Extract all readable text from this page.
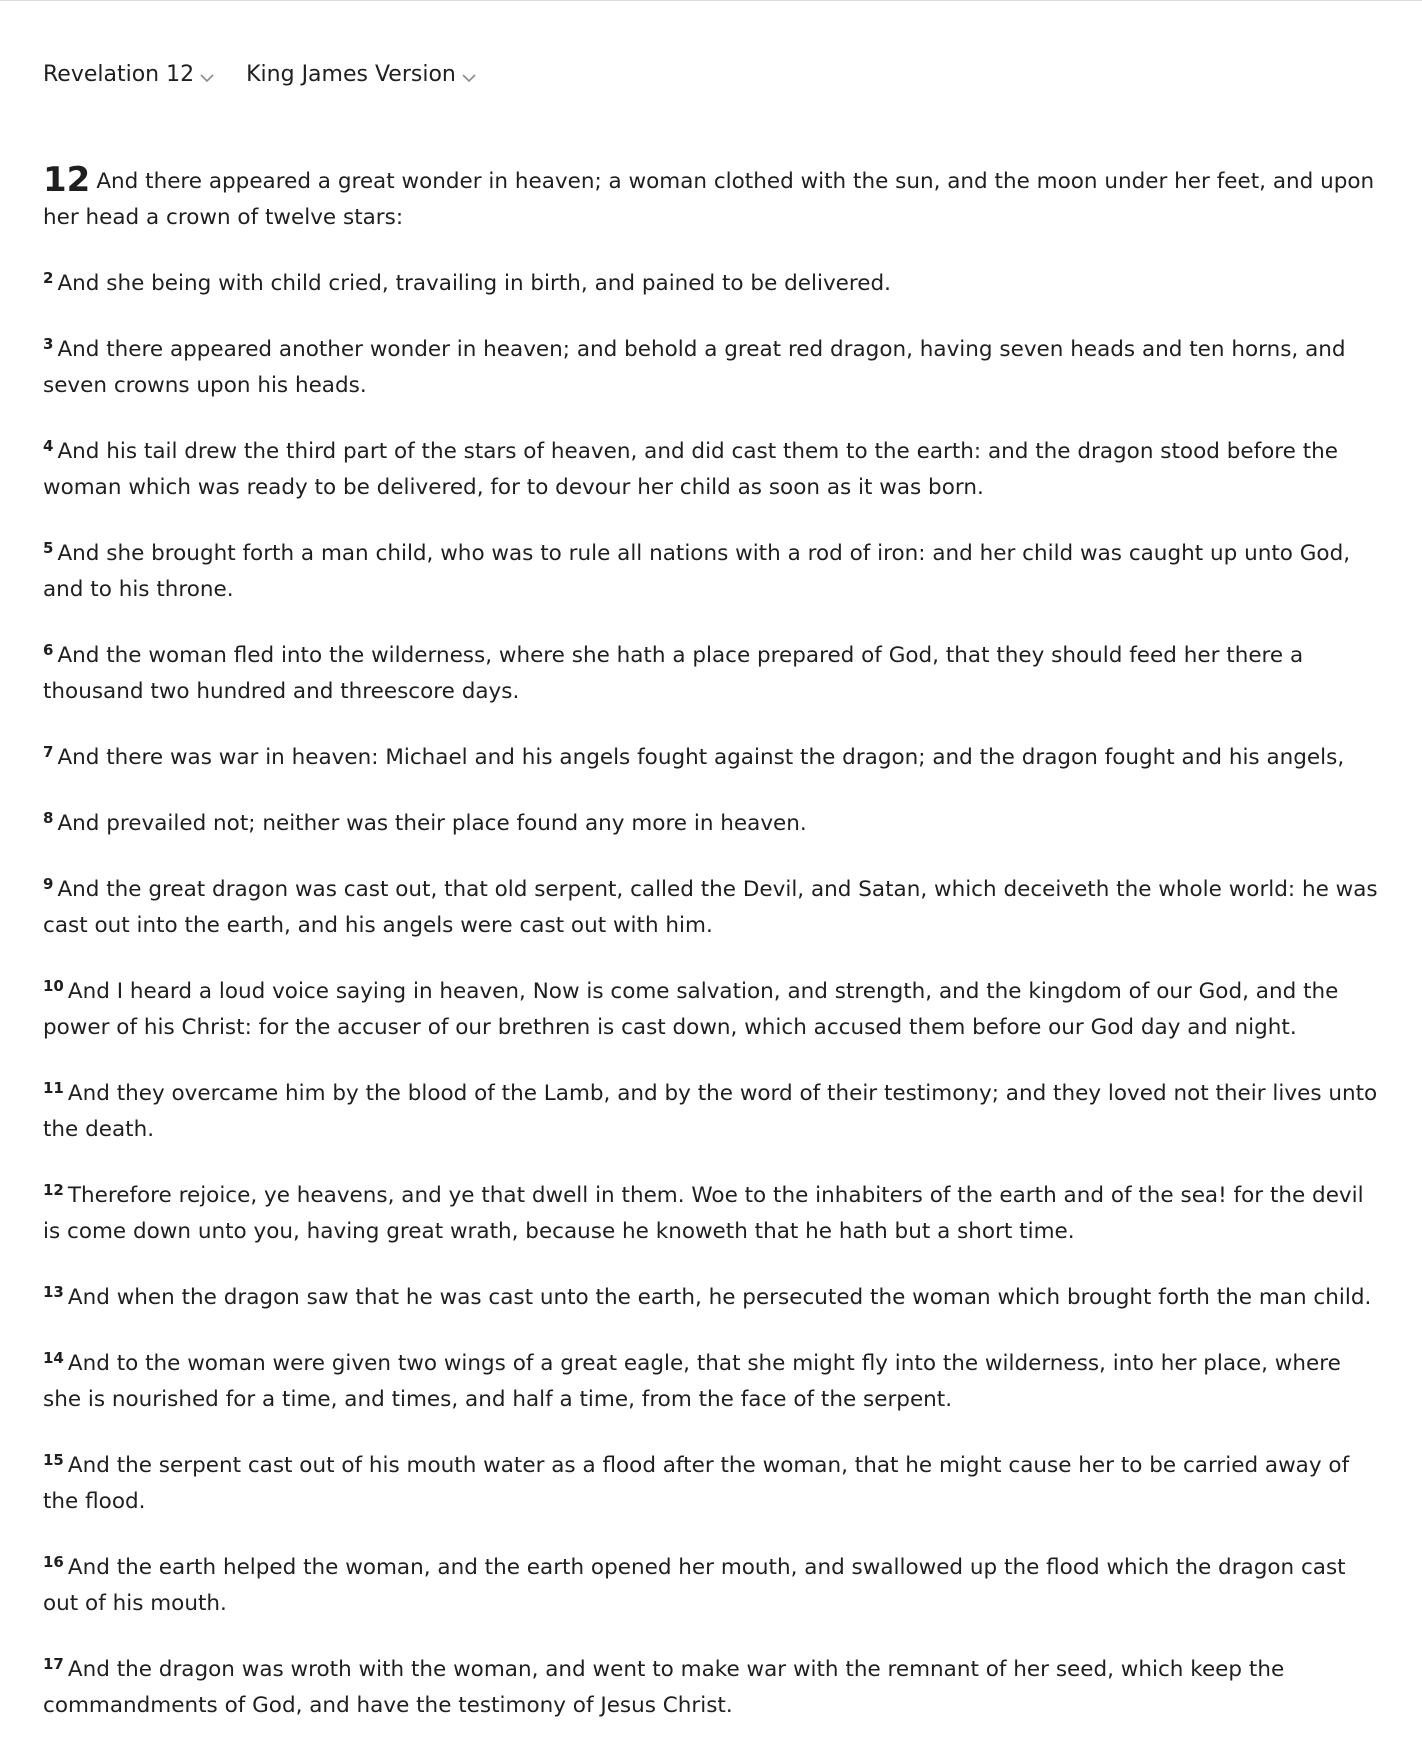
Revelation 12 King James Version

12 And there appeared a great wonder in heaven; a woman clothed with the sun, and the moon under her feet, and upon her head a crown of twelve stars:

$^2$ And she being with child cried, travailing in birth, and pained to be delivered.

$^3$ And there appeared another wonder in heaven; and behold a great red dragon, having seven heads and ten horns, and seven crowns upon his heads.

$^4$ And his tail drew the third part of the stars of heaven, and did cast them to the earth: and the dragon stood before the woman which was ready to be delivered, for to devour her child as soon as it was born.

$^5$ And she brought forth a man child, who was to rule all nations with a rod of iron: and her child was caught up unto God, and to his throne.

$^6$ And the woman fled into the wilderness, where she hath a place prepared of God, that they should feed her there a thousand two hundred and threescore days.

$^7$ And there was war in heaven: Michael and his angels fought against the dragon; and the dragon fought and his angels,

$^8$ And prevailed not; neither was their place found any more in heaven.

$^9$ And the great dragon was cast out, that old serpent, called the Devil, and Satan, which deceiveth the whole world: he was cast out into the earth, and his angels were cast out with him.

$^{10}$ And I heard a loud voice saying in heaven, Now is come salvation, and strength, and the kingdom of our God, and the power of his Christ: for the accuser of our brethren is cast down, which accused them before our God day and night.

$^{11}$ And they overcame him by the blood of the Lamb, and by the word of their testimony; and they loved not their lives unto the death.

$^{12}$ Therefore rejoice, ye heavens, and ye that dwell in them. Woe to the inhabiters of the earth and of the sea! for the devil is come down unto you, having great wrath, because he knoweth that he hath but a short time.

$^{13}$ And when the dragon saw that he was cast unto the earth, he persecuted the woman which brought forth the man child.

$^{14}$ And to the woman were given two wings of a great eagle, that she might fly into the wilderness, into her place, where she is nourished for a time, and times, and half a time, from the face of the serpent.

$^{15}$ And the serpent cast out of his mouth water as a flood after the woman, that he might cause her to be carried away of the flood.

$^{16}$ And the earth helped the woman, and the earth opened her mouth, and swallowed up the flood which the dragon cast out of his mouth.

$^{17}$ And the dragon was wroth with the woman, and went to make war with the remnant of her seed, which keep the commandments of God, and have the testimony of Jesus Christ.
